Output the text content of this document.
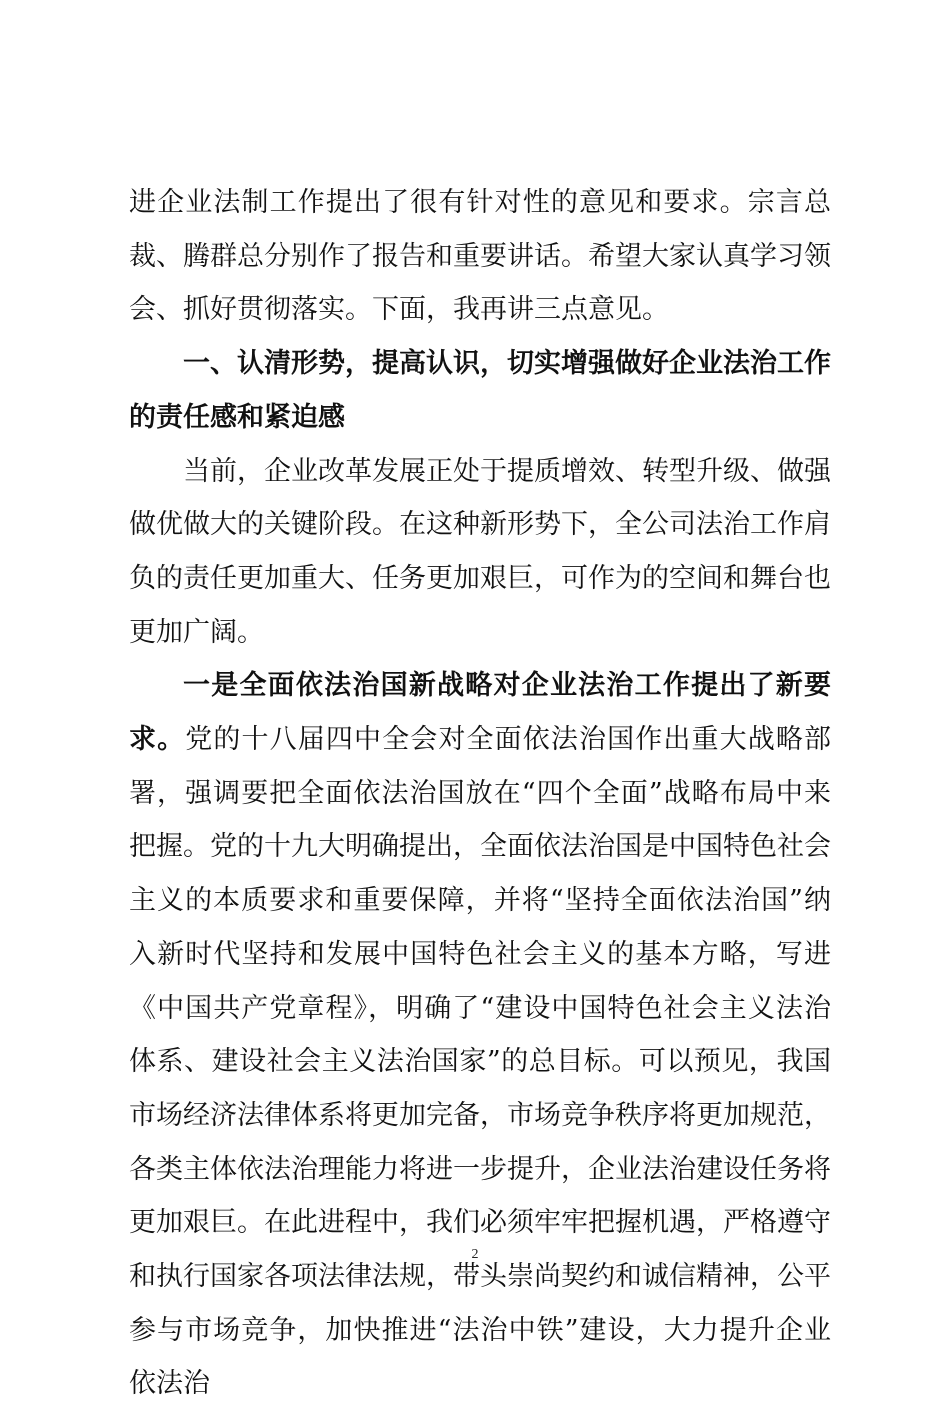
进企业法制工作提出了很有针对性的意见和要求。宗言总裁、腾群总分别作了报告和重要讲话。希望大家认真学习领会、抓好贯彻落实。下面，我再讲三点意见。

一、认清形势，提高认识，切实增强做好企业法治工作的责任感和紧迫感

当前，企业改革发展正处于提质增效、转型升级、做强做优做大的关键阶段。在这种新形势下，全公司法治工作肩负的责任更加重大、任务更加艰巨，可作为的空间和舞台也更加广阔。

一是全面依法治国新战略对企业法治工作提出了新要求。党的十八届四中全会对全面依法治国作出重大战略部署，强调要把全面依法治国放在“四个全面”战略布局中来把握。党的十九大明确提出，全面依法治国是中国特色社会主义的本质要求和重要保障，并将“坚持全面依法治国”纳入新时代坚持和发展中国特色社会主义的基本方略，写进《中国共产党章程》，明确了“建设中国特色社会主义法治体系、建设社会主义法治国家”的总目标。可以预见，我国市场经济法律体系将更加完备，市场竞争秩序将更加规范，各类主体依法治理能力将进一步提升，企业法治建设任务将更加艰巨。在此进程中，我们必须牢牢把握机遇，严格遵守和执行国家各项法律法规，带头崇尚契约和诚信精神，公平参与市场竞争，加快推进“法治中铁”建设，大力提升企业依法治

2
